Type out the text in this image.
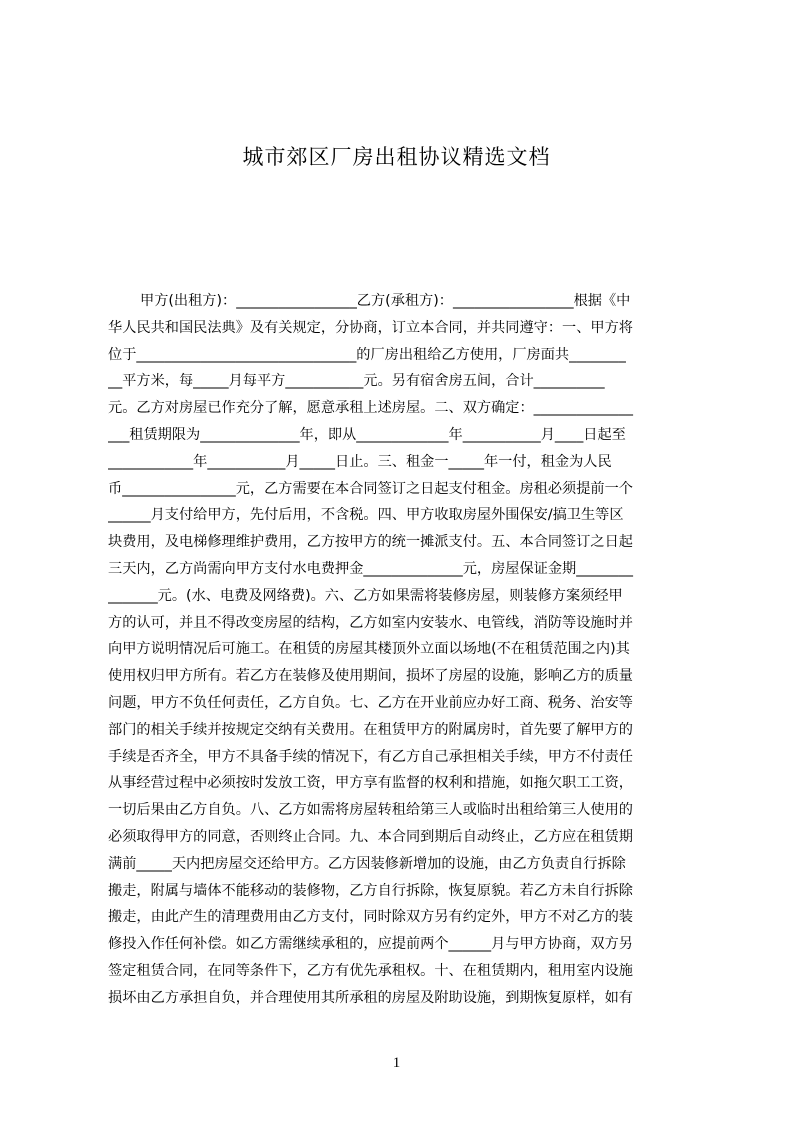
城市郊区厂房出租协议精选文档
甲方(出租方)：_________________乙方(承租方)：_________________根据《中
华人民共和国民法典》及有关规定，分协商，订立本合同，并共同遵守：一、甲方将
位于_______________________________的厂房出租给乙方使用，厂房面共________
__平方米，每_____月每平方___________元。另有宿舍房五间，合计__________
元。乙方对房屋已作充分了解，愿意承租上述房屋。二、双方确定：______________
___租赁期限为______________年，即从_____________年___________月____日起至
____________年___________月_____日止。三、租金一_____年一付，租金为人民
币________________元，乙方需要在本合同签订之日起支付租金。房租必须提前一个
______月支付给甲方，先付后用，不含税。四、甲方收取房屋外围保安/搞卫生等区
块费用，及电梯修理维护费用，乙方按甲方的统一摊派支付。五、本合同签订之日起
三天内，乙方尚需向甲方支付水电费押金______________元，房屋保证金期________
_______元。(水、电费及网络费)。六、乙方如果需将装修房屋，则装修方案须经甲
方的认可，并且不得改变房屋的结构，乙方如室内安装水、电管线，消防等设施时并
向甲方说明情况后可施工。在租赁的房屋其楼顶外立面以场地(不在租赁范围之内)其
使用权归甲方所有。若乙方在装修及使用期间，损坏了房屋的设施，影响乙方的质量
问题，甲方不负任何责任，乙方自负。七、乙方在开业前应办好工商、税务、治安等
部门的相关手续并按规定交纳有关费用。在租赁甲方的附属房时，首先要了解甲方的
手续是否齐全，甲方不具备手续的情况下，有乙方自己承担相关手续，甲方不付责任
从事经营过程中必须按时发放工资，甲方享有监督的权利和措施，如拖欠职工工资，
一切后果由乙方自负。八、乙方如需将房屋转租给第三人或临时出租给第三人使用的
必须取得甲方的同意，否则终止合同。九、本合同到期后自动终止，乙方应在租赁期
满前_____天内把房屋交还给甲方。乙方因装修新增加的设施，由乙方负责自行拆除
搬走，附属与墙体不能移动的装修物，乙方自行拆除，恢复原貌。若乙方未自行拆除
搬走，由此产生的清理费用由乙方支付，同时除双方另有约定外，甲方不对乙方的装
修投入作任何补偿。如乙方需继续承租的，应提前两个______月与甲方协商，双方另
签定租赁合同，在同等条件下，乙方有优先承租权。十、在租赁期内，租用室内设施
损坏由乙方承担自负，并合理使用其所承租的房屋及附助设施，到期恢复原样，如有
1
